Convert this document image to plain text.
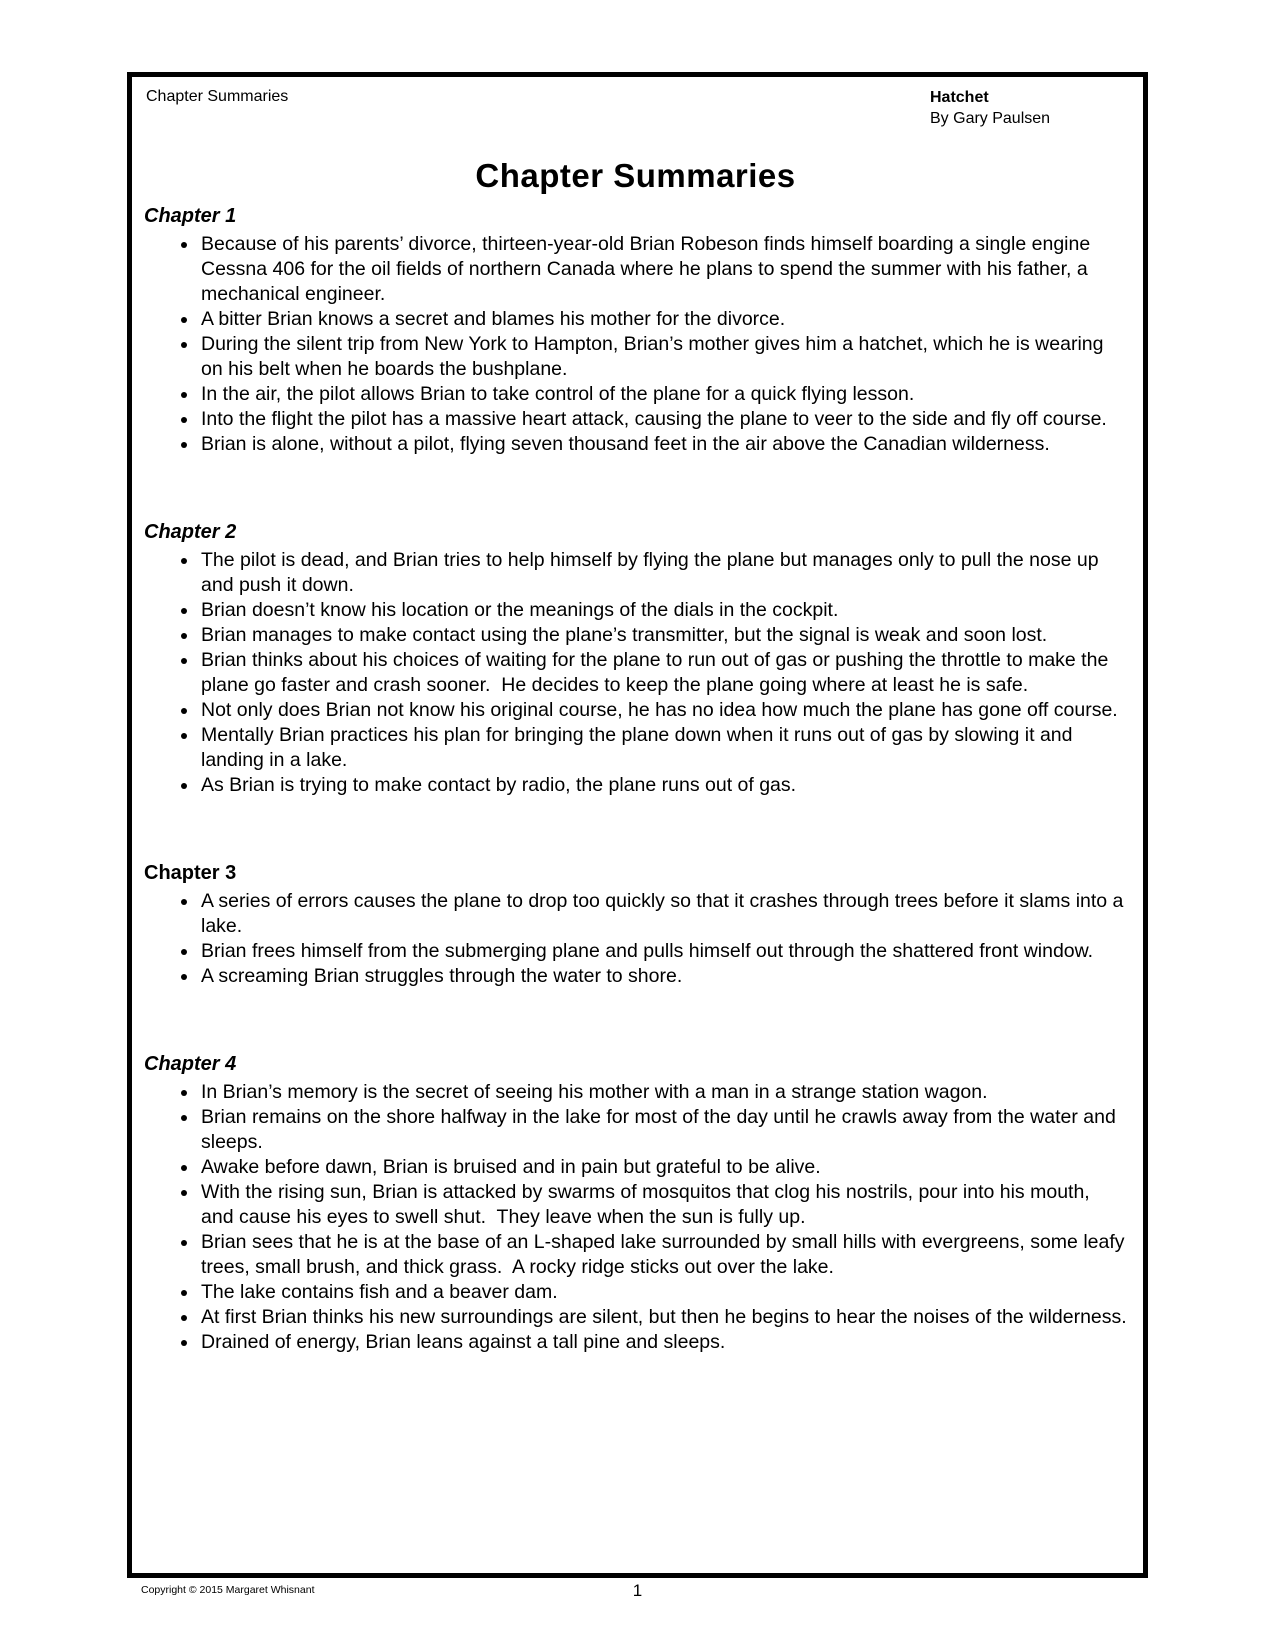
Chapter Summaries	Hatchet
By Gary Paulsen
Chapter Summaries
Chapter 1
• Because of his parents’ divorce, thirteen-year-old Brian Robeson finds himself boarding a single engine Cessna 406 for the oil fields of northern Canada where he plans to spend the summer with his father, a mechanical engineer.
• A bitter Brian knows a secret and blames his mother for the divorce.
• During the silent trip from New York to Hampton, Brian’s mother gives him a hatchet, which he is wearing on his belt when he boards the bushplane.
• In the air, the pilot allows Brian to take control of the plane for a quick flying lesson.
• Into the flight the pilot has a massive heart attack, causing the plane to veer to the side and fly off course.
• Brian is alone, without a pilot, flying seven thousand feet in the air above the Canadian wilderness.
Chapter 2
• The pilot is dead, and Brian tries to help himself by flying the plane but manages only to pull the nose up and push it down.
• Brian doesn’t know his location or the meanings of the dials in the cockpit.
• Brian manages to make contact using the plane’s transmitter, but the signal is weak and soon lost.
• Brian thinks about his choices of waiting for the plane to run out of gas or pushing the throttle to make the plane go faster and crash sooner.  He decides to keep the plane going where at least he is safe.
• Not only does Brian not know his original course, he has no idea how much the plane has gone off course.
• Mentally Brian practices his plan for bringing the plane down when it runs out of gas by slowing it and landing in a lake.
• As Brian is trying to make contact by radio, the plane runs out of gas.
Chapter 3
• A series of errors causes the plane to drop too quickly so that it crashes through trees before it slams into a lake.
• Brian frees himself from the submerging plane and pulls himself out through the shattered front window.
• A screaming Brian struggles through the water to shore.
Chapter 4
• In Brian’s memory is the secret of seeing his mother with a man in a strange station wagon.
• Brian remains on the shore halfway in the lake for most of the day until he crawls away from the water and sleeps.
• Awake before dawn, Brian is bruised and in pain but grateful to be alive.
• With the rising sun, Brian is attacked by swarms of mosquitos that clog his nostrils, pour into his mouth, and cause his eyes to swell shut.  They leave when the sun is fully up.
• Brian sees that he is at the base of an L-shaped lake surrounded by small hills with evergreens, some leafy trees, small brush, and thick grass.  A rocky ridge sticks out over the lake.
• The lake contains fish and a beaver dam.
• At first Brian thinks his new surroundings are silent, but then he begins to hear the noises of the wilderness.
• Drained of energy, Brian leans against a tall pine and sleeps.
Copyright © 2015 Margaret Whisnant	1
